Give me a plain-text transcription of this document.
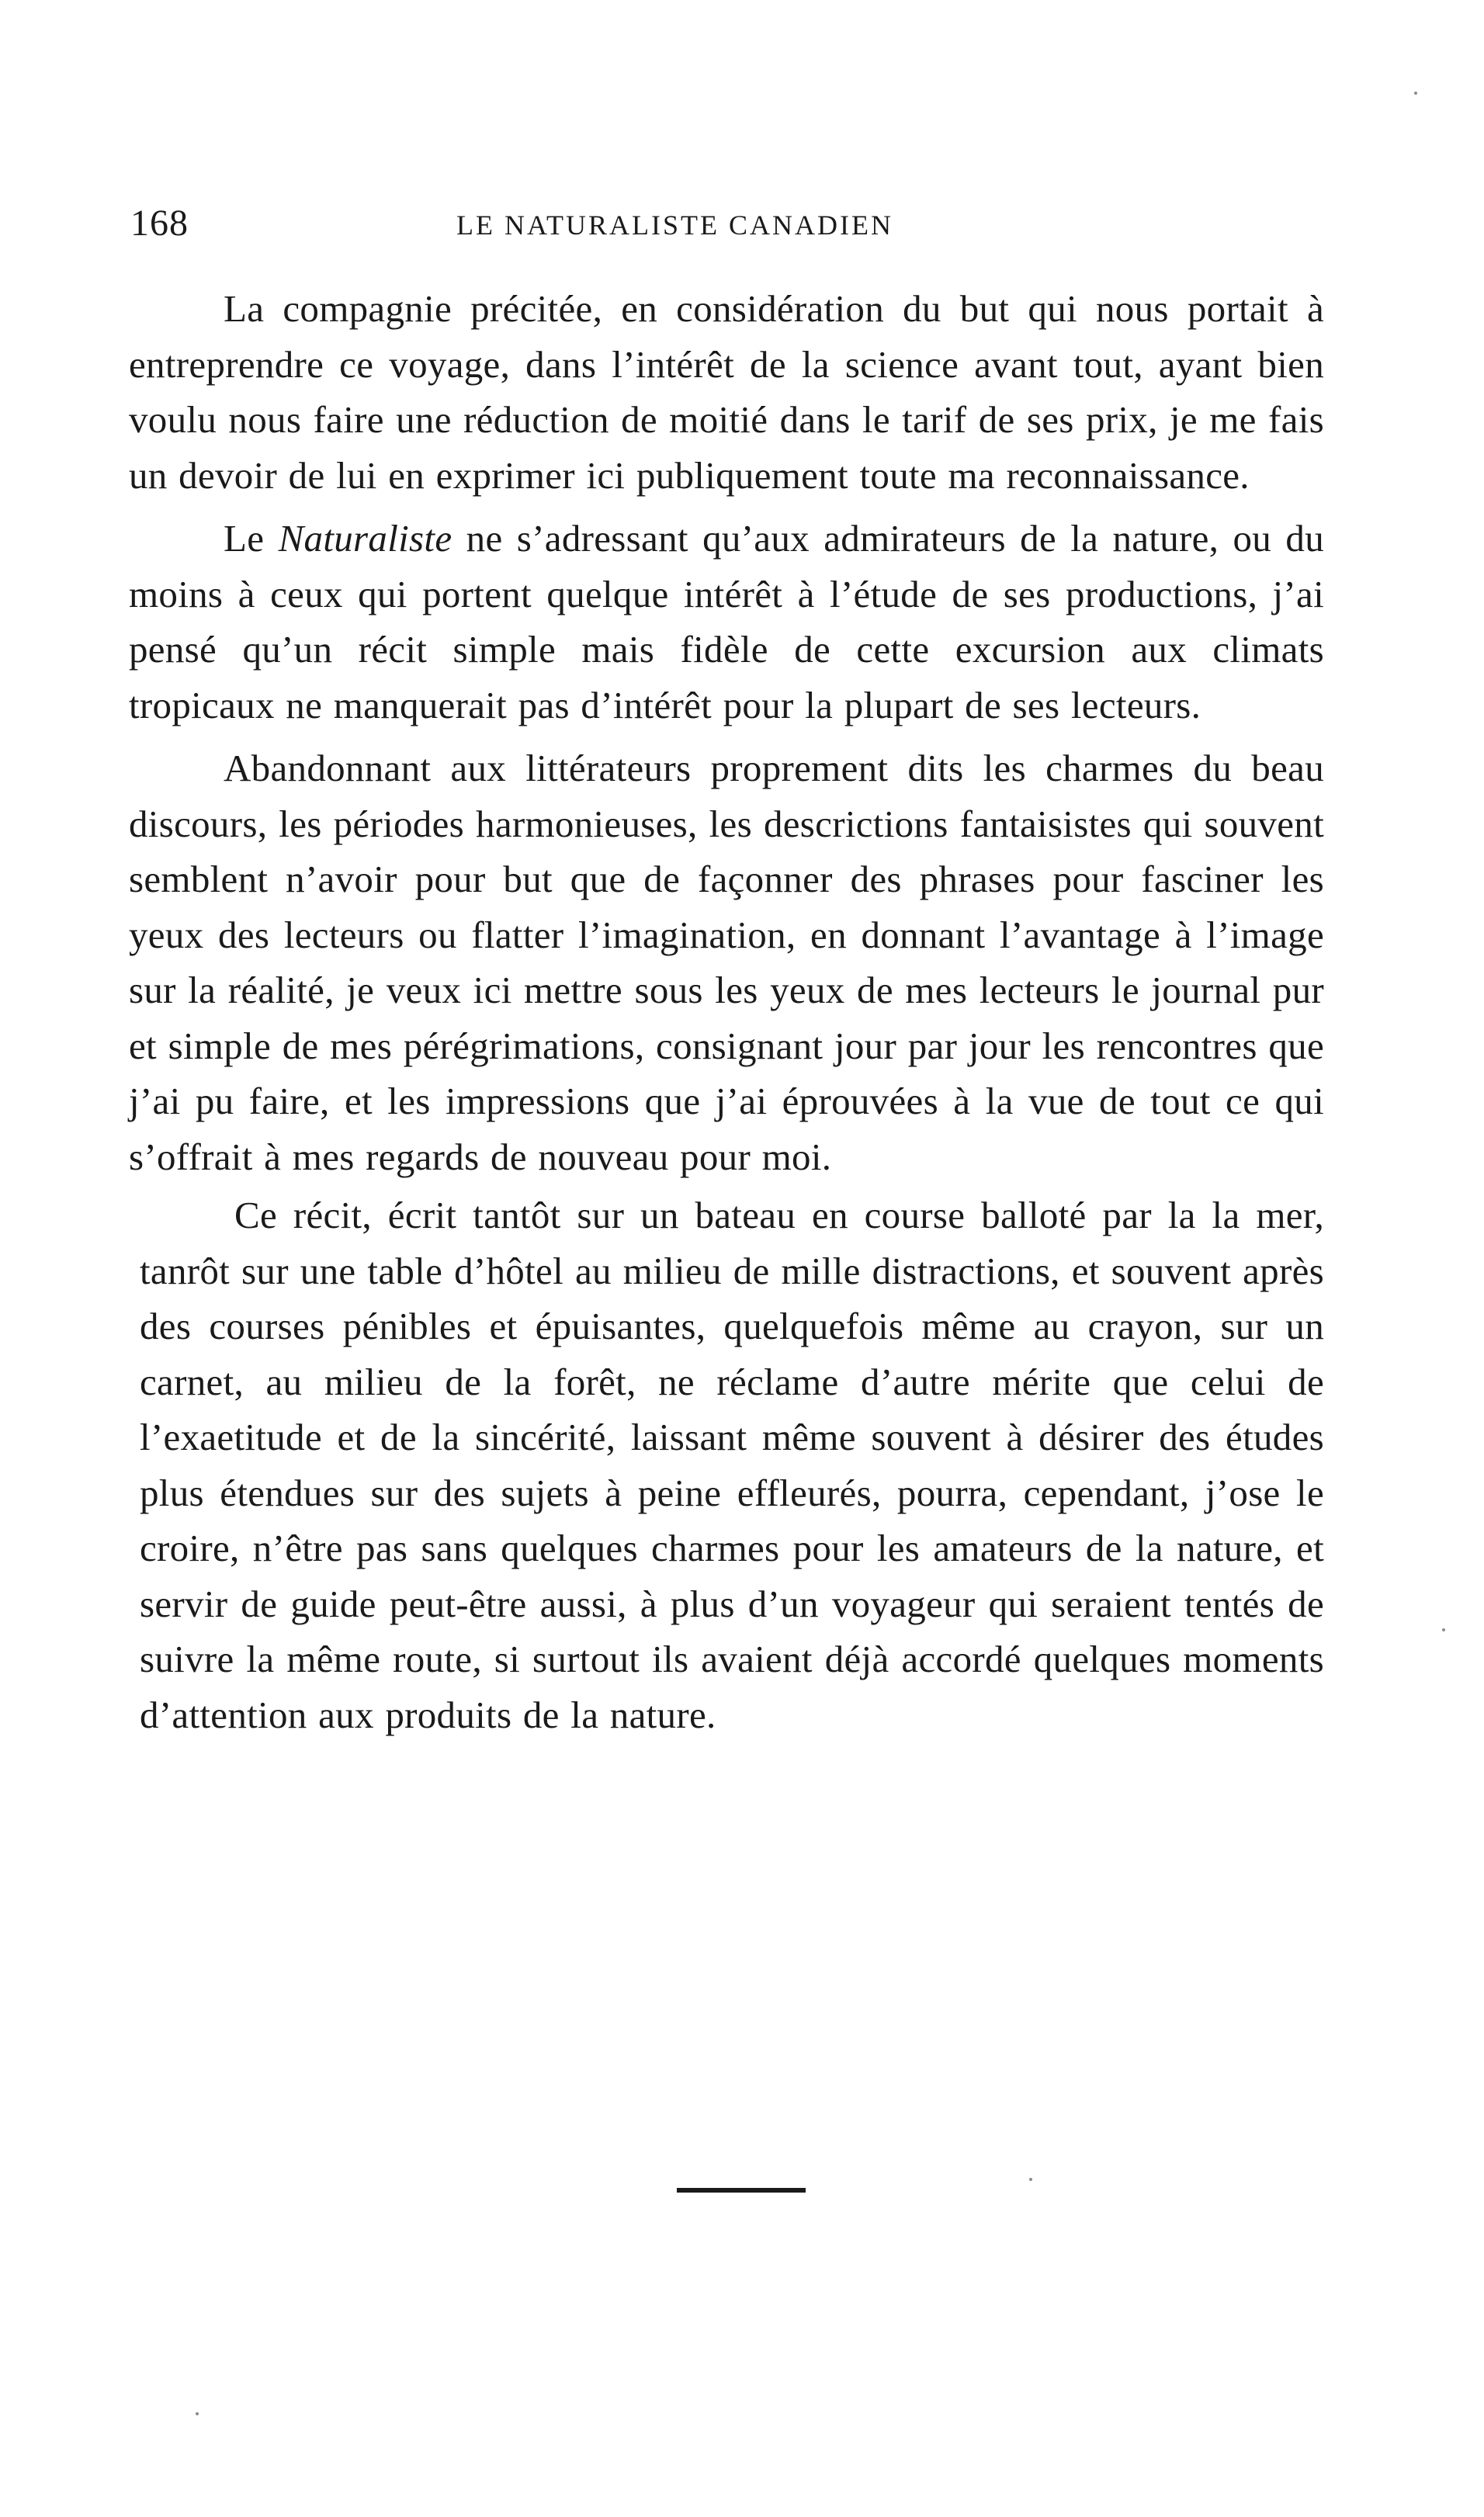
168	LE NATURALISTE CANADIEN

La compagnie précitée, en considération du but qui nous portait à entreprendre ce voyage, dans l’intérêt de la science avant tout, ayant bien voulu nous faire une réduction de moitié dans le tarif de ses prix, je me fais un devoir de lui en exprimer ici publiquement toute ma reconnaissance.

Le Naturaliste ne s’adressant qu’aux admirateurs de la nature, ou du moins à ceux qui portent quelque intérêt à l’étude de ses productions, j’ai pensé qu’un récit simple mais fidèle de cette excursion aux climats tropicaux ne manquerait pas d’intérêt pour la plupart de ses lecteurs.

Abandonnant aux littérateurs proprement dits les charmes du beau discours, les périodes harmonieuses, les descrictions fantaisistes qui souvent semblent n’avoir pour but que de façonner des phrases pour fasciner les yeux des lecteurs ou flatter l’imagination, en donnant l’avantage à l’image sur la réalité, je veux ici mettre sous les yeux de mes lecteurs le journal pur et simple de mes pérégrimations, consignant jour par jour les rencontres que j’ai pu faire, et les impressions que j’ai éprouvées à la vue de tout ce qui s’offrait à mes regards de nouveau pour moi.

Ce récit, écrit tantôt sur un bateau en course balloté par la la mer, tanrôt sur une table d’hôtel au milieu de mille distractions, et souvent après des courses pénibles et épuisantes, quelquefois même au crayon, sur un carnet, au milieu de la forêt, ne réclame d’autre mérite que celui de l’exaetitude et de la sincérité, laissant même souvent à désirer des études plus étendues sur des sujets à peine effleurés, pourra, cependant, j’ose le croire, n’être pas sans quelques charmes pour les amateurs de la nature, et servir de guide peut-être aussi, à plus d’un voyageur qui seraient tentés de suivre la même route, si surtout ils avaient déjà accordé quelques moments d’attention aux produits de la nature.
